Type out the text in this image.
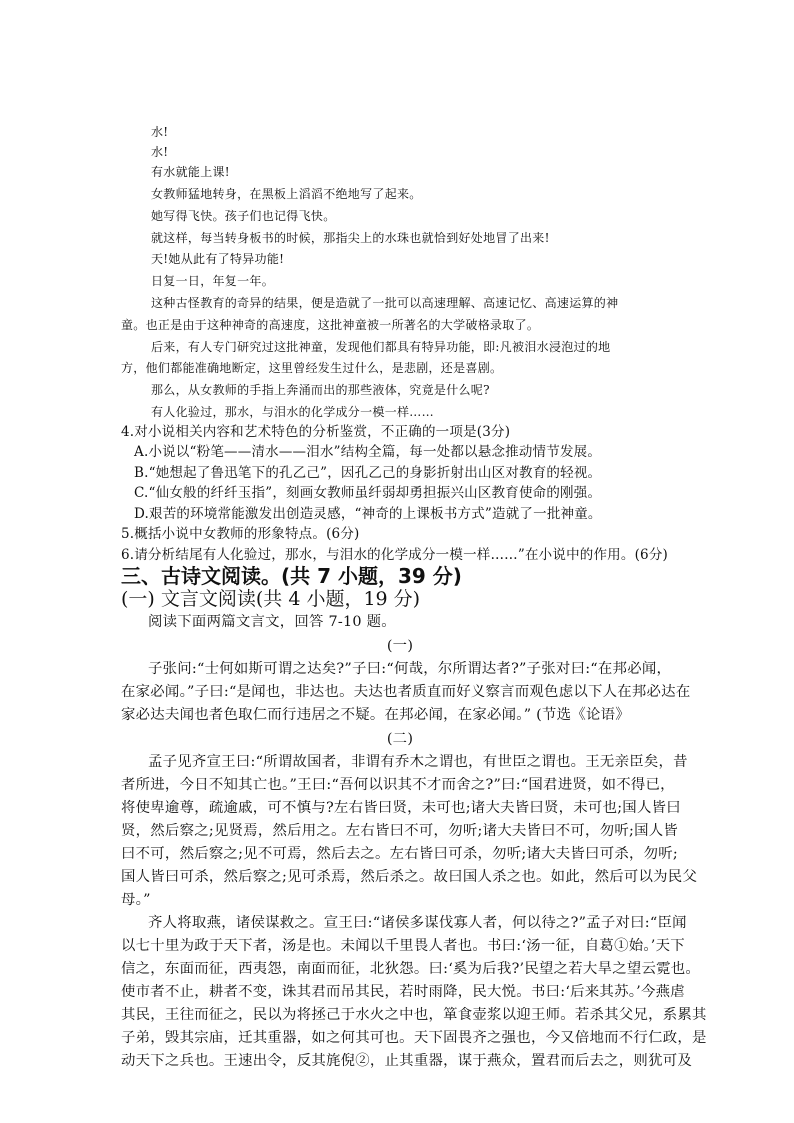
水!
水!
有水就能上课!
女教师猛地转身，在黑板上滔滔不绝地写了起来。
她写得飞快。孩子们也记得飞快。
就这样，每当转身板书的时候，那指尖上的水珠也就恰到好处地冒了出来!
天!她从此有了特异功能!
日复一日，年复一年。
这种古怪教育的奇异的结果，便是造就了一批可以高速理解、高速记忆、高速运算的神
童。也正是由于这种神奇的高速度，这批神童被一所著名的大学破格录取了。
后来，有人专门研究过这批神童，发现他们都具有特异功能，即:凡被泪水浸泡过的地
方，他们都能准确地断定，这里曾经发生过什么，是悲剧，还是喜剧。
那么，从女教师的手指上奔涌而出的那些液体，究竟是什么呢?
有人化验过，那水，与泪水的化学成分一模一样……
4.对小说相关内容和艺术特色的分析鉴赏，不正确的一项是(3分)
A.小说以“粉笔——清水——泪水”结构全篇，每一处都以悬念推动情节发展。
B.“她想起了鲁迅笔下的孔乙己”，因孔乙己的身影折射出山区对教育的轻视。
C.“仙女般的纤纤玉指”，刻画女教师虽纤弱却勇担振兴山区教育使命的刚强。
D.艰苦的环境常能激发出创造灵感，“神奇的上课板书方式”造就了一批神童。
5.概括小说中女教师的形象特点。(6分)
6.请分析结尾有人化验过，那水，与泪水的化学成分一模一样……”在小说中的作用。(6分)
三、古诗文阅读。(共 7 小题，39 分)
(一) 文言文阅读(共 4 小题，19 分)
阅读下面两篇文言文，回答 7-10 题。
(一)
子张问:“士何如斯可谓之达矣?”子曰:“何哉，尔所谓达者?”子张对曰:“在邦必闻，
在家必闻。”子曰:“是闻也，非达也。夫达也者质直而好义察言而观色虑以下人在邦必达在
家必达夫闻也者色取仁而行违居之不疑。在邦必闻，在家必闻。” (节选《论语》
(二)
孟子见齐宣王曰:“所谓故国者，非谓有乔木之谓也，有世臣之谓也。王无亲臣矣，昔
者所进，今日不知其亡也。”王曰:“吾何以识其不才而舍之?”曰:“国君进贤，如不得已，
将使卑逾尊，疏逾戚，可不慎与?左右皆曰贤，未可也;诸大夫皆曰贤，未可也;国人皆曰
贤，然后察之;见贤焉，然后用之。左右皆曰不可，勿听;诸大夫皆曰不可，勿听;国人皆
曰不可，然后察之;见不可焉，然后去之。左右皆曰可杀，勿听;诸大夫皆曰可杀，勿听;
国人皆曰可杀，然后察之;见可杀焉，然后杀之。故曰国人杀之也。如此，然后可以为民父
母。”
齐人将取燕，诸侯谋救之。宣王曰:“诸侯多谋伐寡人者，何以待之?”孟子对曰:“臣闻
以七十里为政于天下者，汤是也。未闻以千里畏人者也。书曰:‘汤一征，自葛①始。’天下
信之，东面而征，西夷怨，南面而征，北狄怨。曰:‘奚为后我?’民望之若大旱之望云霓也。
使市者不止，耕者不变，诛其君而吊其民，若时雨降，民大悦。书曰:‘后来其苏。’今燕虐
其民，王往而征之，民以为将拯己于水火之中也，箪食壶浆以迎王师。若杀其父兄，系累其
子弟，毁其宗庙，迁其重器，如之何其可也。天下固畏齐之强也，今又倍地而不行仁政，是
动天下之兵也。王速出令，反其旄倪②，止其重器，谋于燕众，置君而后去之，则犹可及
